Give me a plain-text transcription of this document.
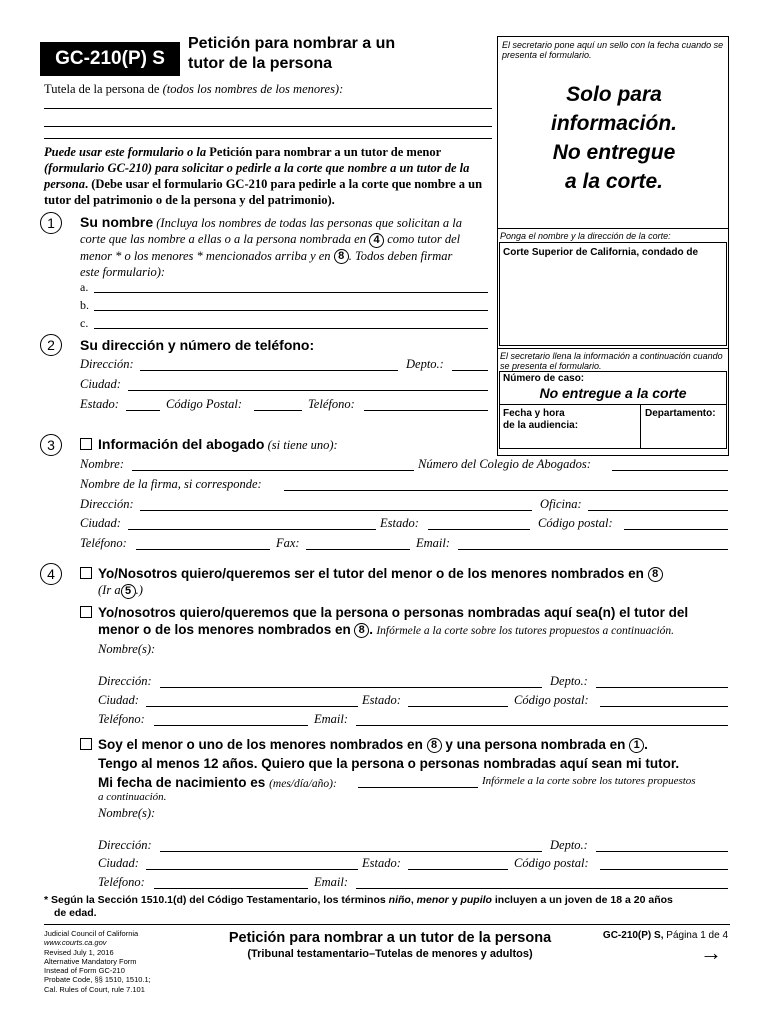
GC-210(P) S
Petición para nombrar a un
tutor de la persona
Tutela de la persona de (todos los nombres de los menores):
El secretario pone aquí un sello con la fecha cuando se presenta el formulario.
Solo para
información.
No entregue
a la corte.
Ponga el nombre y la dirección de la corte:
Corte Superior de California, condado de
El secretario llena la información a continuación cuando se presenta el formulario.
Número de caso:
No entregue a la corte
Fecha y hora
de la audiencia:
Departamento:
Puede usar este formulario o la Petición para nombrar a un tutor de menor (formulario GC-210) para solicitar o pedirle a la corte que nombre a un tutor de la persona. (Debe usar el formulario GC-210 para pedirle a la corte que nombre a un tutor del patrimonio o de la persona y del patrimonio).
1	Su nombre (Incluya los nombres de todas las personas que solicitan a la
corte que las nombre a ellas o a la persona nombrada en 4 como tutor del
menor * o los menores * mencionados arriba y en 8 . Todos deben firmar
este formulario):
a.
b.
c.
2	Su dirección y número de teléfono:
Dirección:	Depto.:
Ciudad:
Estado:	Código Postal:	Teléfono:
3	Información del abogado (si tiene uno):
Nombre:	Número del Colegio de Abogados:
Nombre de la firma, si corresponde:
Dirección:	Oficina:
Ciudad:	Estado:	Código postal:
Teléfono:	Fax:	Email:
4	Yo/Nosotros quiero/queremos ser el tutor del menor o de los menores nombrados en 8
(Ir a 5 .)
Yo/nosotros quiero/queremos que la persona o personas nombradas aquí sea(n) el tutor del
menor o de los menores nombrados en 8 . Infórmele a la corte sobre los tutores propuestos a continuación.
Nombre(s):
Dirección:	Depto.:
Ciudad:	Estado:	Código postal:
Teléfono:	Email:
Soy el menor o uno de los menores nombrados en 8 y una persona nombrada en 1 .
Tengo al menos 12 años. Quiero que la persona o personas nombradas aquí sean mi tutor.
Mi fecha de nacimiento es (mes/día/año):	Infórmele a la corte sobre los tutores propuestos
a continuación.
Nombre(s):
Dirección:	Depto.:
Ciudad:	Estado:	Código postal:
Teléfono:	Email:
* Según la Sección 1510.1(d) del Código Testamentario, los términos niño, menor y pupilo incluyen a un joven de 18 a 20 años
de edad.
Judicial Council of California
www.courts.ca.gov
Revised July 1, 2016
Alternative Mandatory Form
Instead of Form GC-210
Probate Code, §§ 1510, 1510.1;
Cal. Rules of Court, rule 7.101
Petición para nombrar a un tutor de la persona
(Tribunal testamentario–Tutelas de menores y adultos)
GC-210(P) S, Página 1 de 4
→
